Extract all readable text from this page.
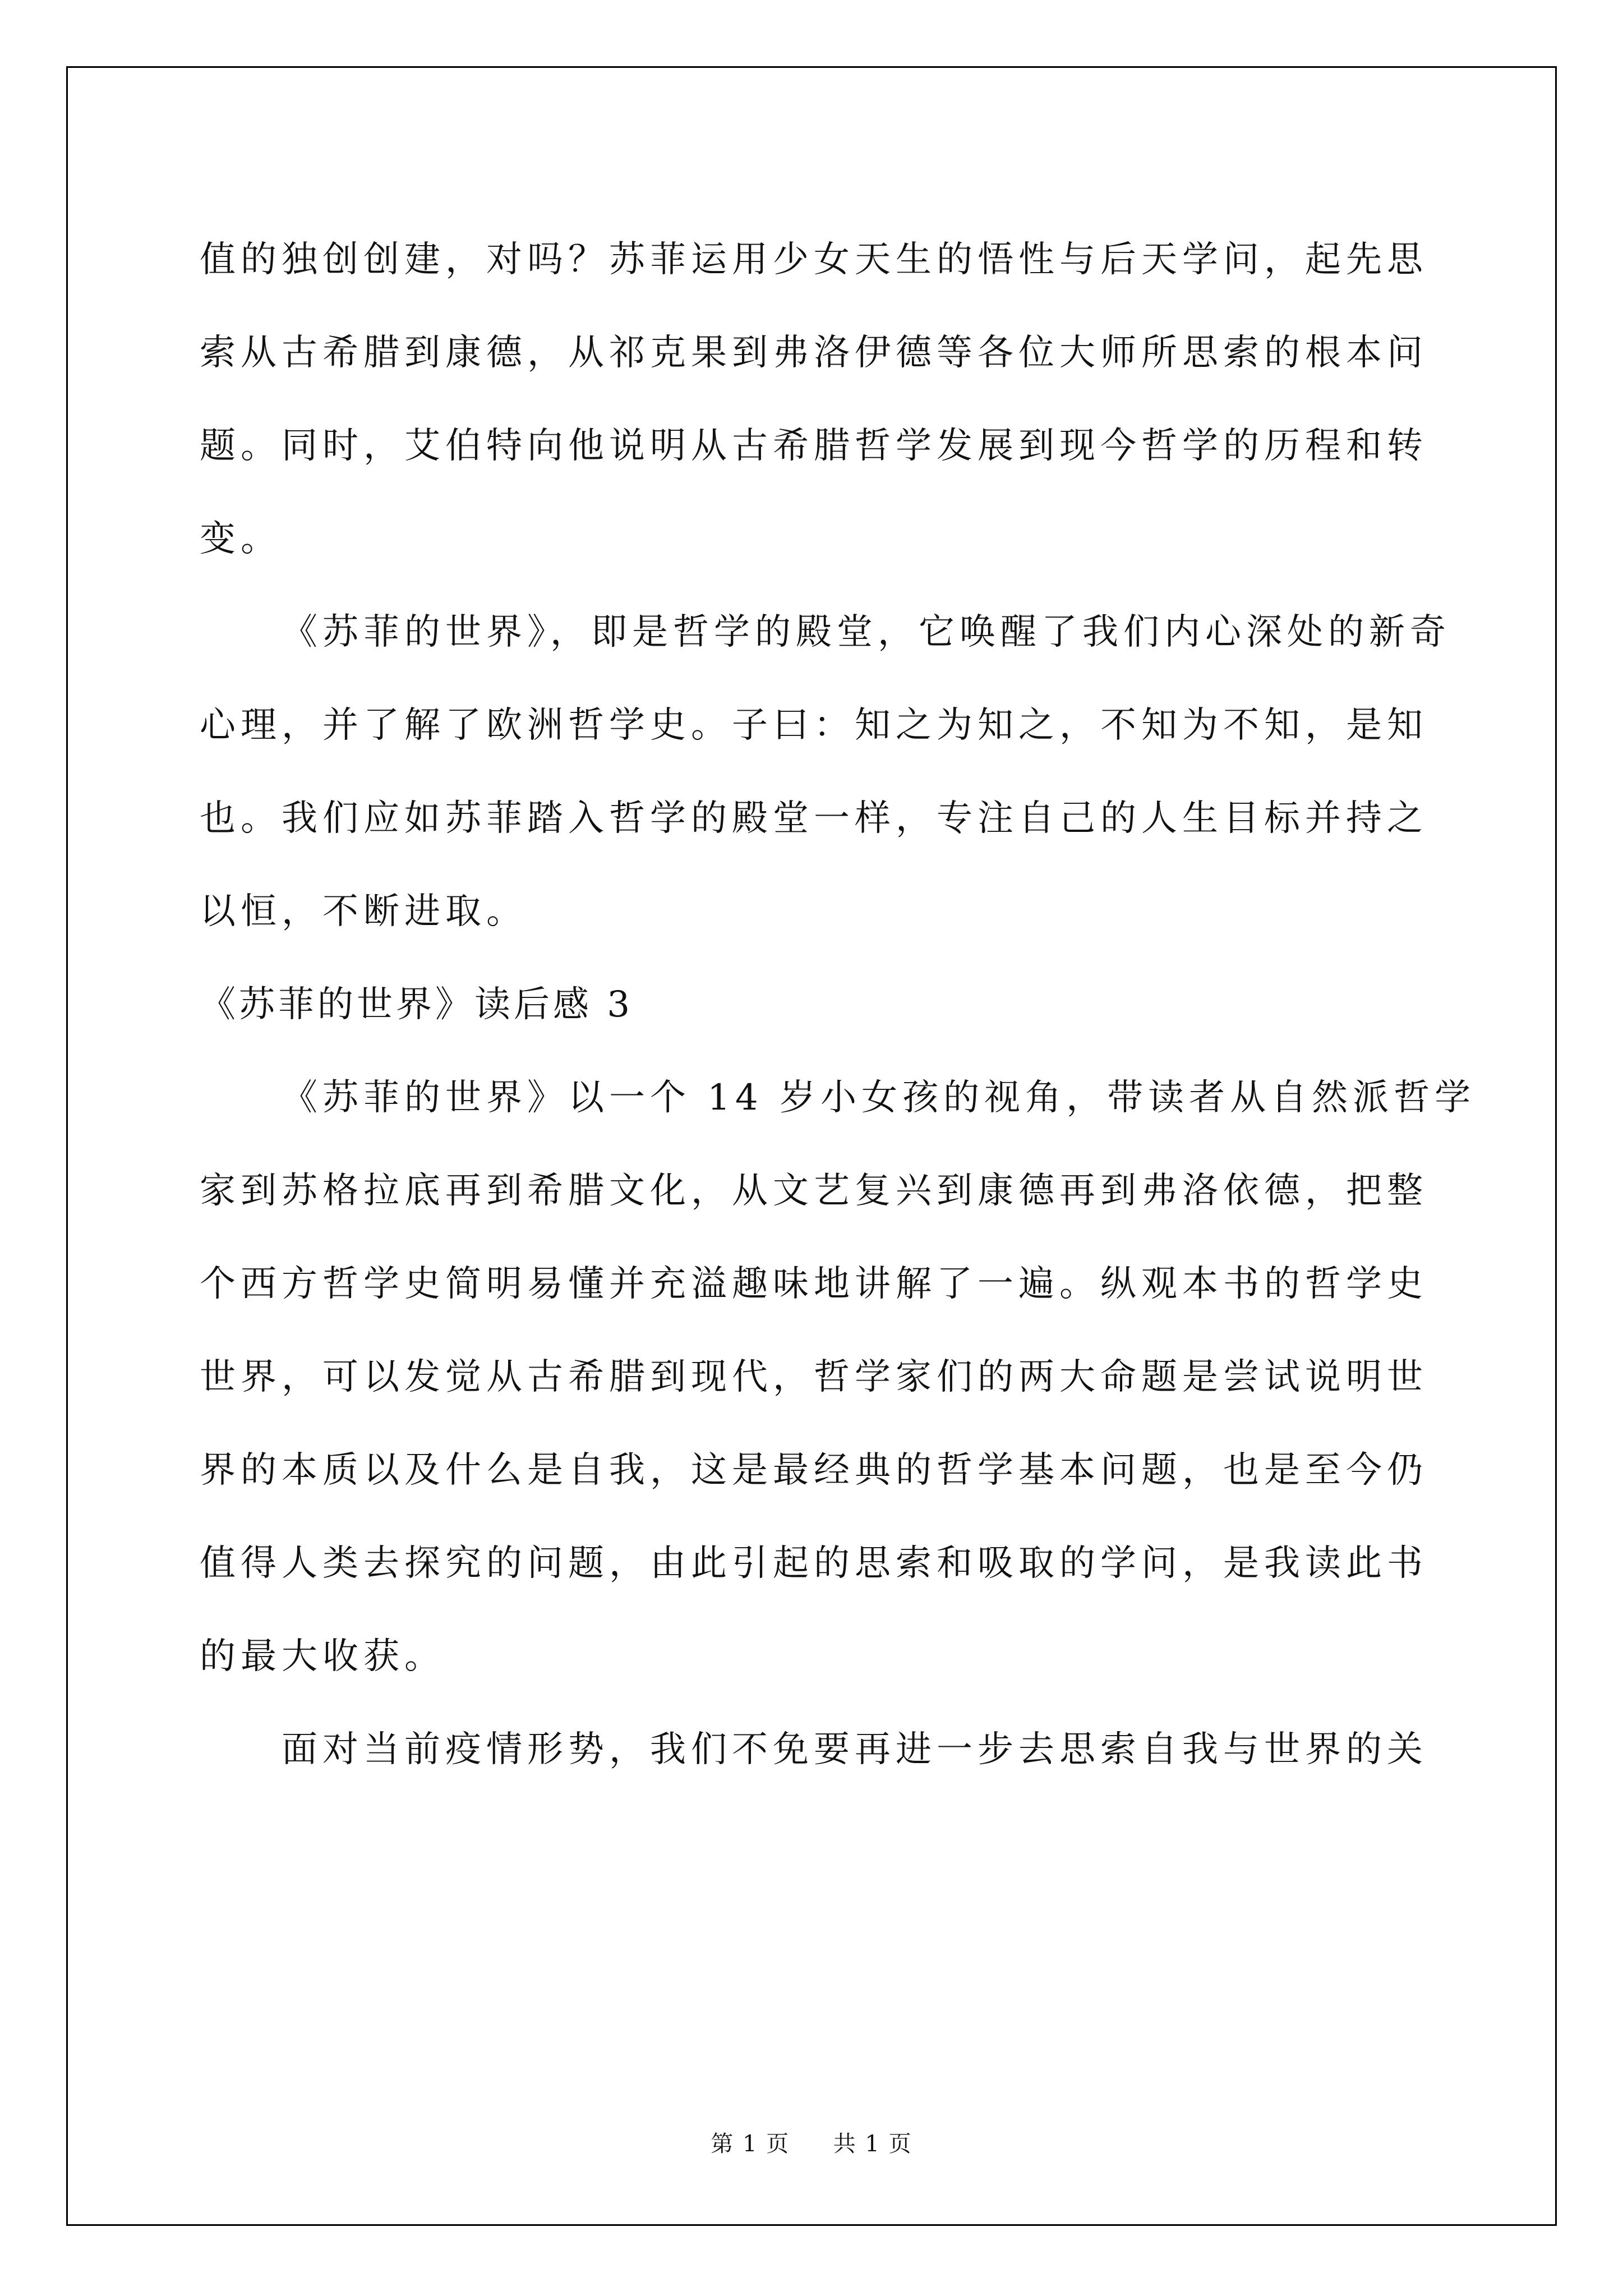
值的独创创建，对吗？苏菲运用少女天生的悟性与后天学问，起先思
索从古希腊到康德，从祁克果到弗洛伊德等各位大师所思索的根本问
题。同时，艾伯特向他说明从古希腊哲学发展到现今哲学的历程和转
变。
《苏菲的世界》，即是哲学的殿堂，它唤醒了我们内心深处的新奇
心理，并了解了欧洲哲学史。子曰：知之为知之，不知为不知，是知
也。我们应如苏菲踏入哲学的殿堂一样，专注自己的人生目标并持之
以恒，不断进取。
《苏菲的世界》读后感 3
《苏菲的世界》以一个 14 岁小女孩的视角，带读者从自然派哲学
家到苏格拉底再到希腊文化，从文艺复兴到康德再到弗洛依德，把整
个西方哲学史简明易懂并充溢趣味地讲解了一遍。纵观本书的哲学史
世界，可以发觉从古希腊到现代，哲学家们的两大命题是尝试说明世
界的本质以及什么是自我，这是最经典的哲学基本问题，也是至今仍
值得人类去探究的问题，由此引起的思索和吸取的学问，是我读此书
的最大收获。
面对当前疫情形势，我们不免要再进一步去思索自我与世界的关
第 1 页 共 1 页
